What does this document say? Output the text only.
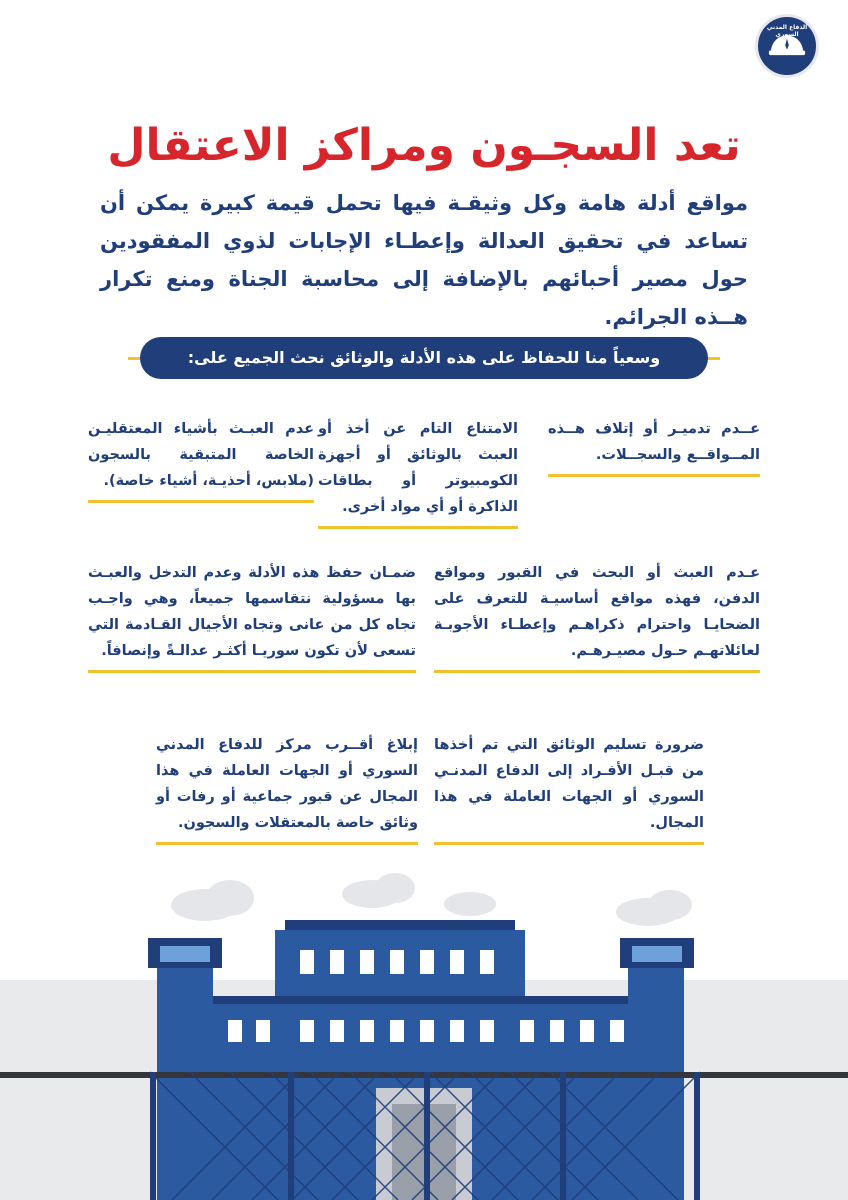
الدفاع المدني السوري
تعد السجـون ومراكز الاعتقال

مواقع أدلة هامة وكل وثيقـة فيها تحمل قيمة كبيرة يمكن أن تساعد في تحقيق العدالة وإعطـاء الإجابات لذوي المفقودين حول مصير أحبائهم بالإضافة إلى محاسبة الجناة ومنع تكرار هــذه الجرائم.

وسعياً منا للحفاظ على هذه الأدلة والوثائق نحث الجميع على:

عــدم تدميـر أو إتلاف هــذه المــواقــع والسجــلات.

الامتناع التام عن أخذ أو العبث بالوثائق أو أجهزة الكومبيوتر أو بطاقات الذاكرة أو أي مواد أخرى.

عدم العبـث بأشياء المعتقليـن الخاصة المتبقية بالسجون (ملابس، أحذيـة، أشياء خاصة).

عـدم العبث أو البحث في القبور ومواقع الدفن، فهذه مواقع أساسيـة للتعرف على الضحايـا واحترام ذكراهـم وإعطـاء الأجوبـة لعائلاتهـم حـول مصيـرهـم.

ضمـان حفظ هذه الأدلة وعدم التدخل والعبـث بها مسؤولية نتقاسمها جميعاً، وهي واجـب تجاه كل من عانى وتجاه الأجيال القـادمة التي تسعى لأن تكون سوريـا أكثـر عدالـةً وإنصافاً.

ضرورة تسليم الوثائق التي تم أخذها من قبـل الأفـراد إلى الدفاع المدنـي السوري أو الجهات العاملة في هذا المجال.

إبلاغ أقــرب مركز للدفاع المدني السوري أو الجهات العاملة في هذا المجال عن قبور جماعية أو رفات أو وثائق خاصة بالمعتقلات والسجون.
